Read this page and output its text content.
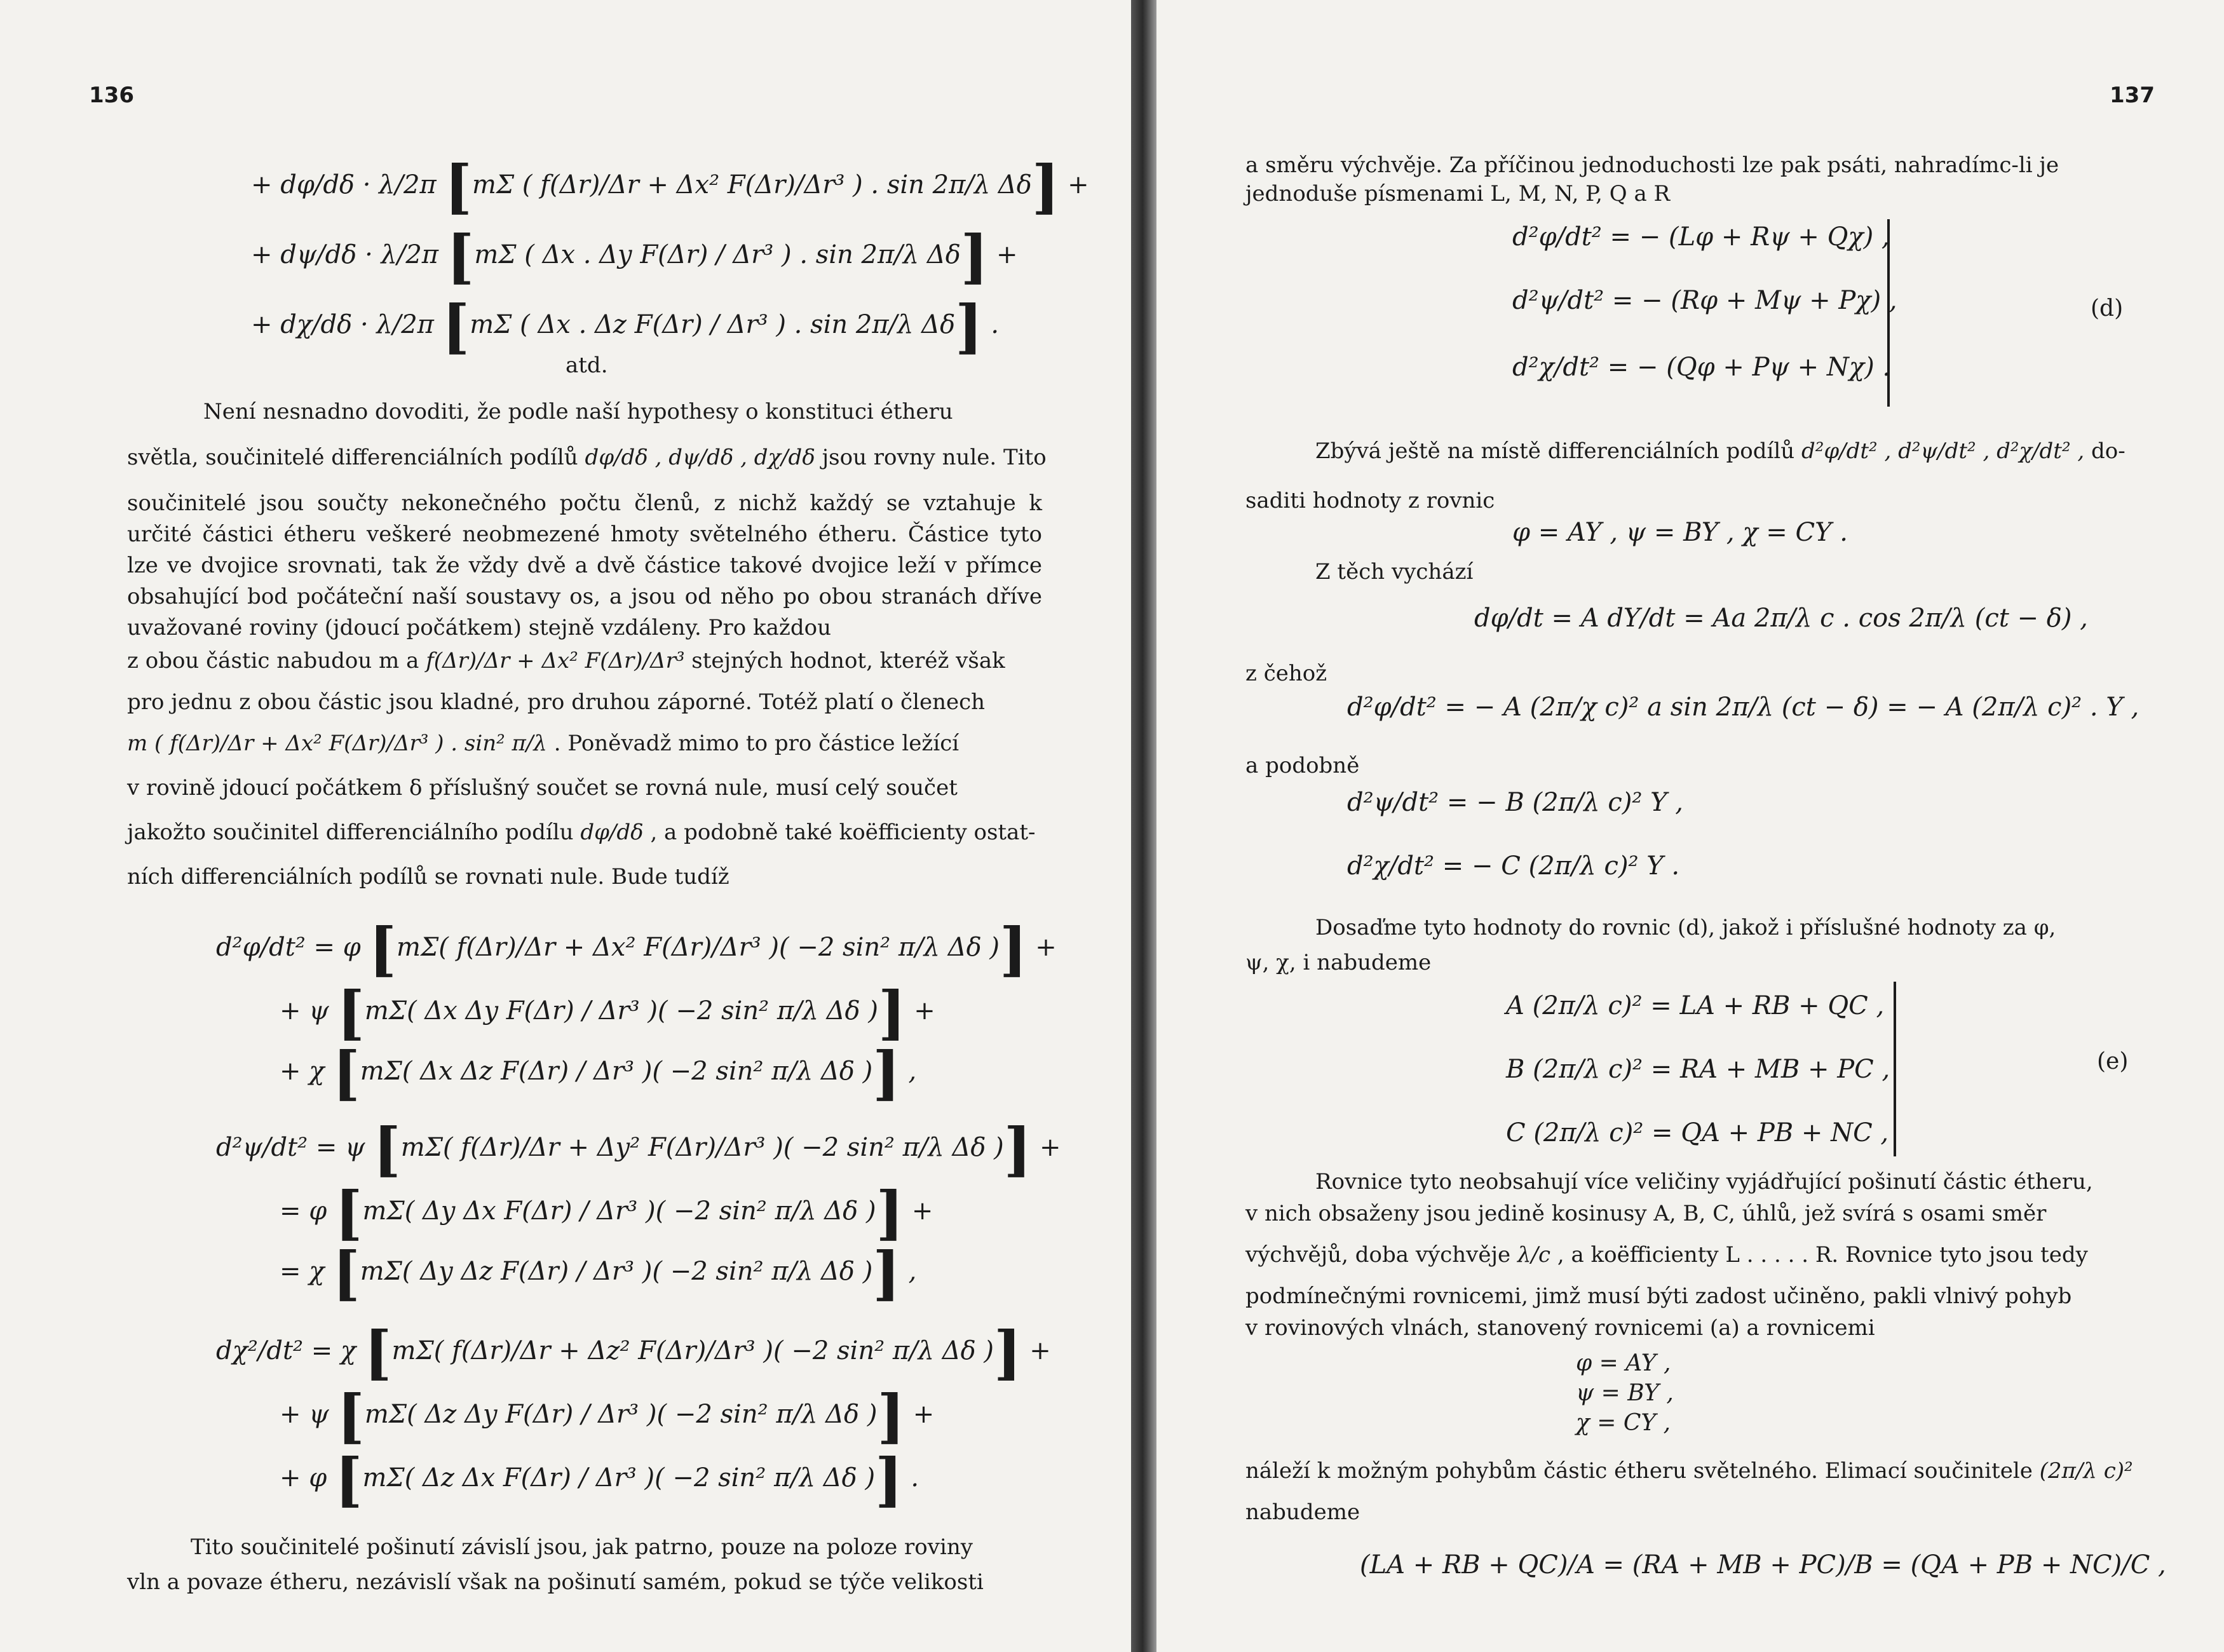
136
+ dφ/dδ · λ/2π [mΣ ( f(Δr)/Δr + Δx² F(Δr)/Δr³ ) . sin 2π/λ Δδ] +
+ dψ/dδ · λ/2π [mΣ ( Δx . Δy F(Δr) / Δr³ ) . sin 2π/λ Δδ] +
+ dχ/dδ · λ/2π [mΣ ( Δx . Δz F(Δr) / Δr³ ) . sin 2π/λ Δδ] .
atd.
Není nesnadno dovoditi, že podle naší hypothesy o konstituci étheru
světla, součinitelé differenciálních podílů dφ/dδ , dψ/dδ , dχ/dδ jsou rovny nule. Tito
součinitelé jsou součty nekonečného počtu členů, z nichž každý se vztahuje k určité částici étheru veškeré neobmezené hmoty světelného étheru. Částice tyto lze ve dvojice srovnati, tak že vždy dvě a dvě částice takové dvojice leží v přímce obsahující bod počáteční naší soustavy os, a jsou od něho po obou stranách dříve uvažované roviny (jdoucí počátkem) stejně vzdáleny. Pro každou
z obou částic nabudou m a f(Δr)/Δr + Δx² F(Δr)/Δr³ stejných hodnot, kteréž však
pro jednu z obou částic jsou kladné, pro druhou záporné. Totéž platí o členech
m ( f(Δr)/Δr + Δx² F(Δr)/Δr³ ) . sin² π/λ . Poněvadž mimo to pro částice ležící
v rovině jdoucí počátkem δ příslušný součet se rovná nule, musí celý součet
jakožto součinitel differenciálního podílu dφ/dδ , a podobně také koëfficienty ostat-
ních differenciálních podílů se rovnati nule. Bude tudíž
d²φ/dt² = φ [mΣ( f(Δr)/Δr + Δx² F(Δr)/Δr³ )( −2 sin² π/λ Δδ )] +
+ ψ [mΣ( Δx Δy F(Δr) / Δr³ )( −2 sin² π/λ Δδ )] +
+ χ [mΣ( Δx Δz F(Δr) / Δr³ )( −2 sin² π/λ Δδ )] ,
d²ψ/dt² = ψ [mΣ( f(Δr)/Δr + Δy² F(Δr)/Δr³ )( −2 sin² π/λ Δδ )] +
= φ [mΣ( Δy Δx F(Δr) / Δr³ )( −2 sin² π/λ Δδ )] +
= χ [mΣ( Δy Δz F(Δr) / Δr³ )( −2 sin² π/λ Δδ )] ,
dχ²/dt² = χ [mΣ( f(Δr)/Δr + Δz² F(Δr)/Δr³ )( −2 sin² π/λ Δδ )] +
+ ψ [mΣ( Δz Δy F(Δr) / Δr³ )( −2 sin² π/λ Δδ )] +
+ φ [mΣ( Δz Δx F(Δr) / Δr³ )( −2 sin² π/λ Δδ )] .
Tito součinitelé pošinutí závislí jsou, jak patrno, pouze na poloze roviny
vln a povaze étheru, nezávislí však na pošinutí samém, pokud se týče velikosti
137
a směru výchvěje. Za příčinou jednoduchosti lze pak psáti, nahradímc-li je
jednoduše písmenami L, M, N, P, Q a R
d²φ/dt² = − (Lφ + Rψ + Qχ) ,
d²ψ/dt² = − (Rφ + Mψ + Pχ) ,
d²χ/dt² = − (Qφ + Pψ + Nχ) .
(d)
Zbývá ještě na místě differenciálních podílů d²φ/dt² , d²ψ/dt² , d²χ/dt² , do-
saditi hodnoty z rovnic
φ = AY , ψ = BY , χ = CY .
Z těch vychází
dφ/dt = A dY/dt = Aa 2π/λ c . cos 2π/λ (ct − δ) ,
z čehož
d²φ/dt² = − A (2π/χ c)² a sin 2π/λ (ct − δ) = − A (2π/λ c)² . Y ,
a podobně
d²ψ/dt² = − B (2π/λ c)² Y ,
d²χ/dt² = − C (2π/λ c)² Y .
Dosaďme tyto hodnoty do rovnic (d), jakož i příslušné hodnoty za φ,
ψ, χ, i nabudeme
A (2π/λ c)² = LA + RB + QC ,
B (2π/λ c)² = RA + MB + PC ,
C (2π/λ c)² = QA + PB + NC ,
(e)
Rovnice tyto neobsahují více veličiny vyjádřující pošinutí částic étheru,
v nich obsaženy jsou jedině kosinusy A, B, C, úhlů, jež svírá s osami směr
výchvějů, doba výchvěje λ/c , a koëfficienty L . . . . . R. Rovnice tyto jsou tedy
podmínečnými rovnicemi, jimž musí býti zadost učiněno, pakli vlnivý pohyb
v rovinových vlnách, stanovený rovnicemi (a) a rovnicemi
φ = AY ,
ψ = BY ,
χ = CY ,
náleží k možným pohybům částic étheru světelného. Elimací součinitele (2π/λ c)²
nabudeme
(LA + RB + QC)/A = (RA + MB + PC)/B = (QA + PB + NC)/C ,
